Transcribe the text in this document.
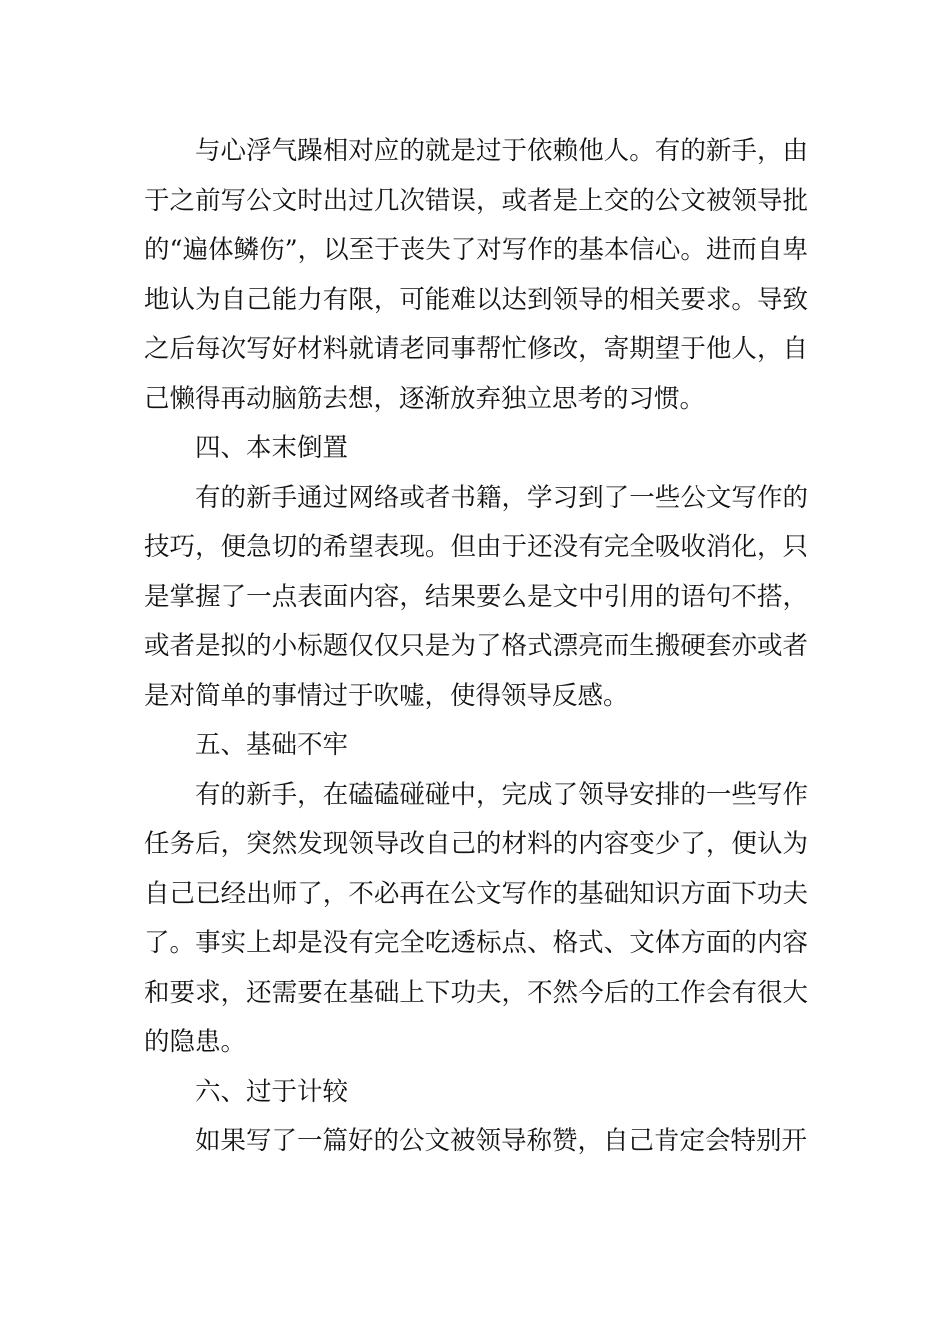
与心浮气躁相对应的就是过于依赖他人。有的新手，由于之前写公文时出过几次错误，或者是上交的公文被领导批的“遍体鳞伤”，以至于丧失了对写作的基本信心。进而自卑地认为自己能力有限，可能难以达到领导的相关要求。导致之后每次写好材料就请老同事帮忙修改，寄期望于他人，自己懒得再动脑筋去想，逐渐放弃独立思考的习惯。

四、本末倒置

有的新手通过网络或者书籍，学习到了一些公文写作的技巧，便急切的希望表现。但由于还没有完全吸收消化，只是掌握了一点表面内容，结果要么是文中引用的语句不搭，或者是拟的小标题仅仅只是为了格式漂亮而生搬硬套亦或者是对简单的事情过于吹嘘，使得领导反感。

五、基础不牢

有的新手，在磕磕碰碰中，完成了领导安排的一些写作任务后，突然发现领导改自己的材料的内容变少了，便认为自己已经出师了，不必再在公文写作的基础知识方面下功夫了。事实上却是没有完全吃透标点、格式、文体方面的内容和要求，还需要在基础上下功夫，不然今后的工作会有很大的隐患。

六、过于计较

如果写了一篇好的公文被领导称赞，自己肯定会特别开
